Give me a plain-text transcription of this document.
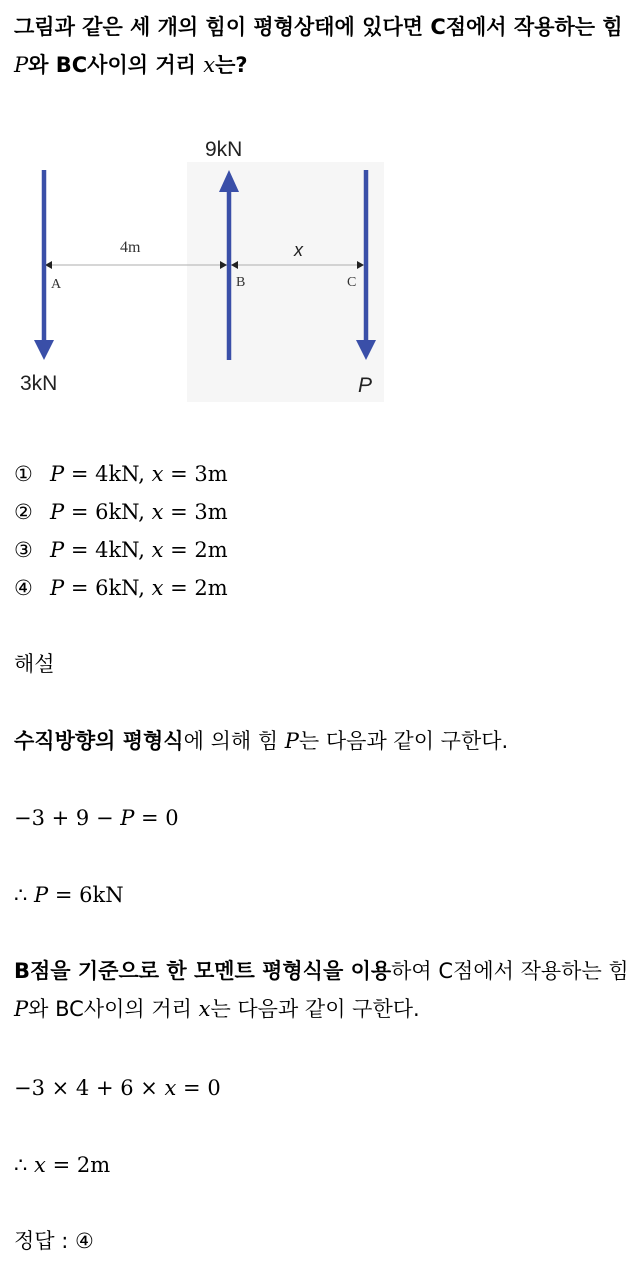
그림과 같은 세 개의 힘이 평형상태에 있다면 C점에서 작용하는 힘 P와 BC사이의 거리 x는?
9kN
3kN	P
4m	x
A	B	C
① P = 4kN, x = 3m
② P = 6kN, x = 3m
③ P = 4kN, x = 2m
④ P = 6kN, x = 2m
해설
수직방향의 평형식에 의해 힘 P는 다음과 같이 구한다.
−3 + 9 − P = 0
∴ P = 6kN
B점을 기준으로 한 모멘트 평형식을 이용하여 C점에서 작용하는 힘 P와 BC사이의 거리 x는 다음과 같이 구한다.
−3 × 4 + 6 × x = 0
∴ x = 2m
정답 : ④
